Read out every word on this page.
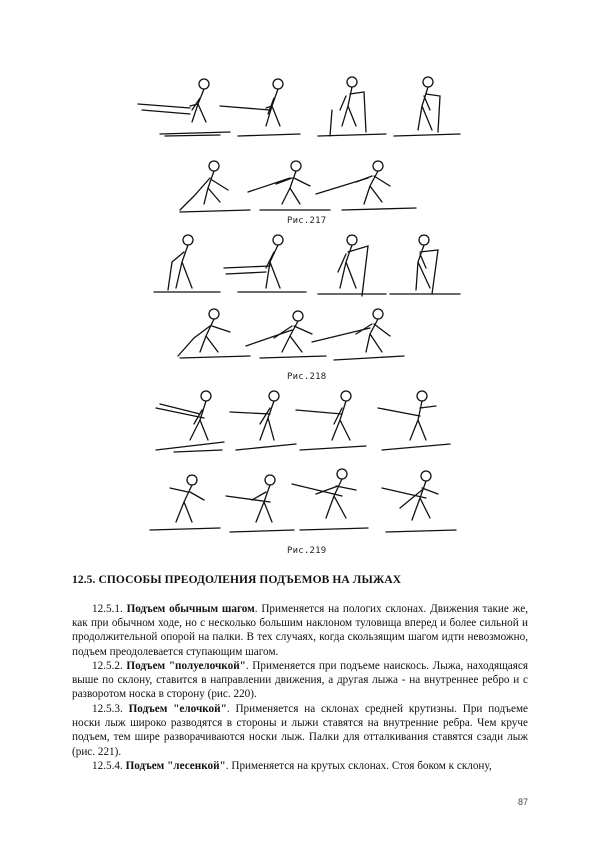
Рис.217
Рис.218
Рис.219
12.5. СПОСОБЫ ПРЕОДОЛЕНИЯ ПОДЪЕМОВ НА ЛЫЖАХ

12.5.1. Подъем обычным шагом. Применяется на пологих склонах. Движения такие же, как при обычном ходе, но с несколько большим наклоном туловища вперед и более сильной и продолжительной опорой на палки. В тех случаях, когда скользящим шагом идти невозможно, подъем преодолевается ступающим шагом.

12.5.2. Подъем "полуелочкой". Применяется при подъеме наискось. Лыжа, находящаяся выше по склону, ставится в направлении движения, а другая лыжа - на внутреннее ребро и с разворотом носка в сторону (рис. 220).

12.5.3. Подъем "елочкой". Применяется на склонах средней крутизны. При подъеме носки лыж широко разводятся в стороны и лыжи ставятся на внутренние ребра. Чем круче подъем, тем шире разворачиваются носки лыж. Палки для отталкивания ставятся сзади лыж (рис. 221).

12.5.4. Подъем "лесенкой". Применяется на крутых склонах. Стоя боком к склону,

87
